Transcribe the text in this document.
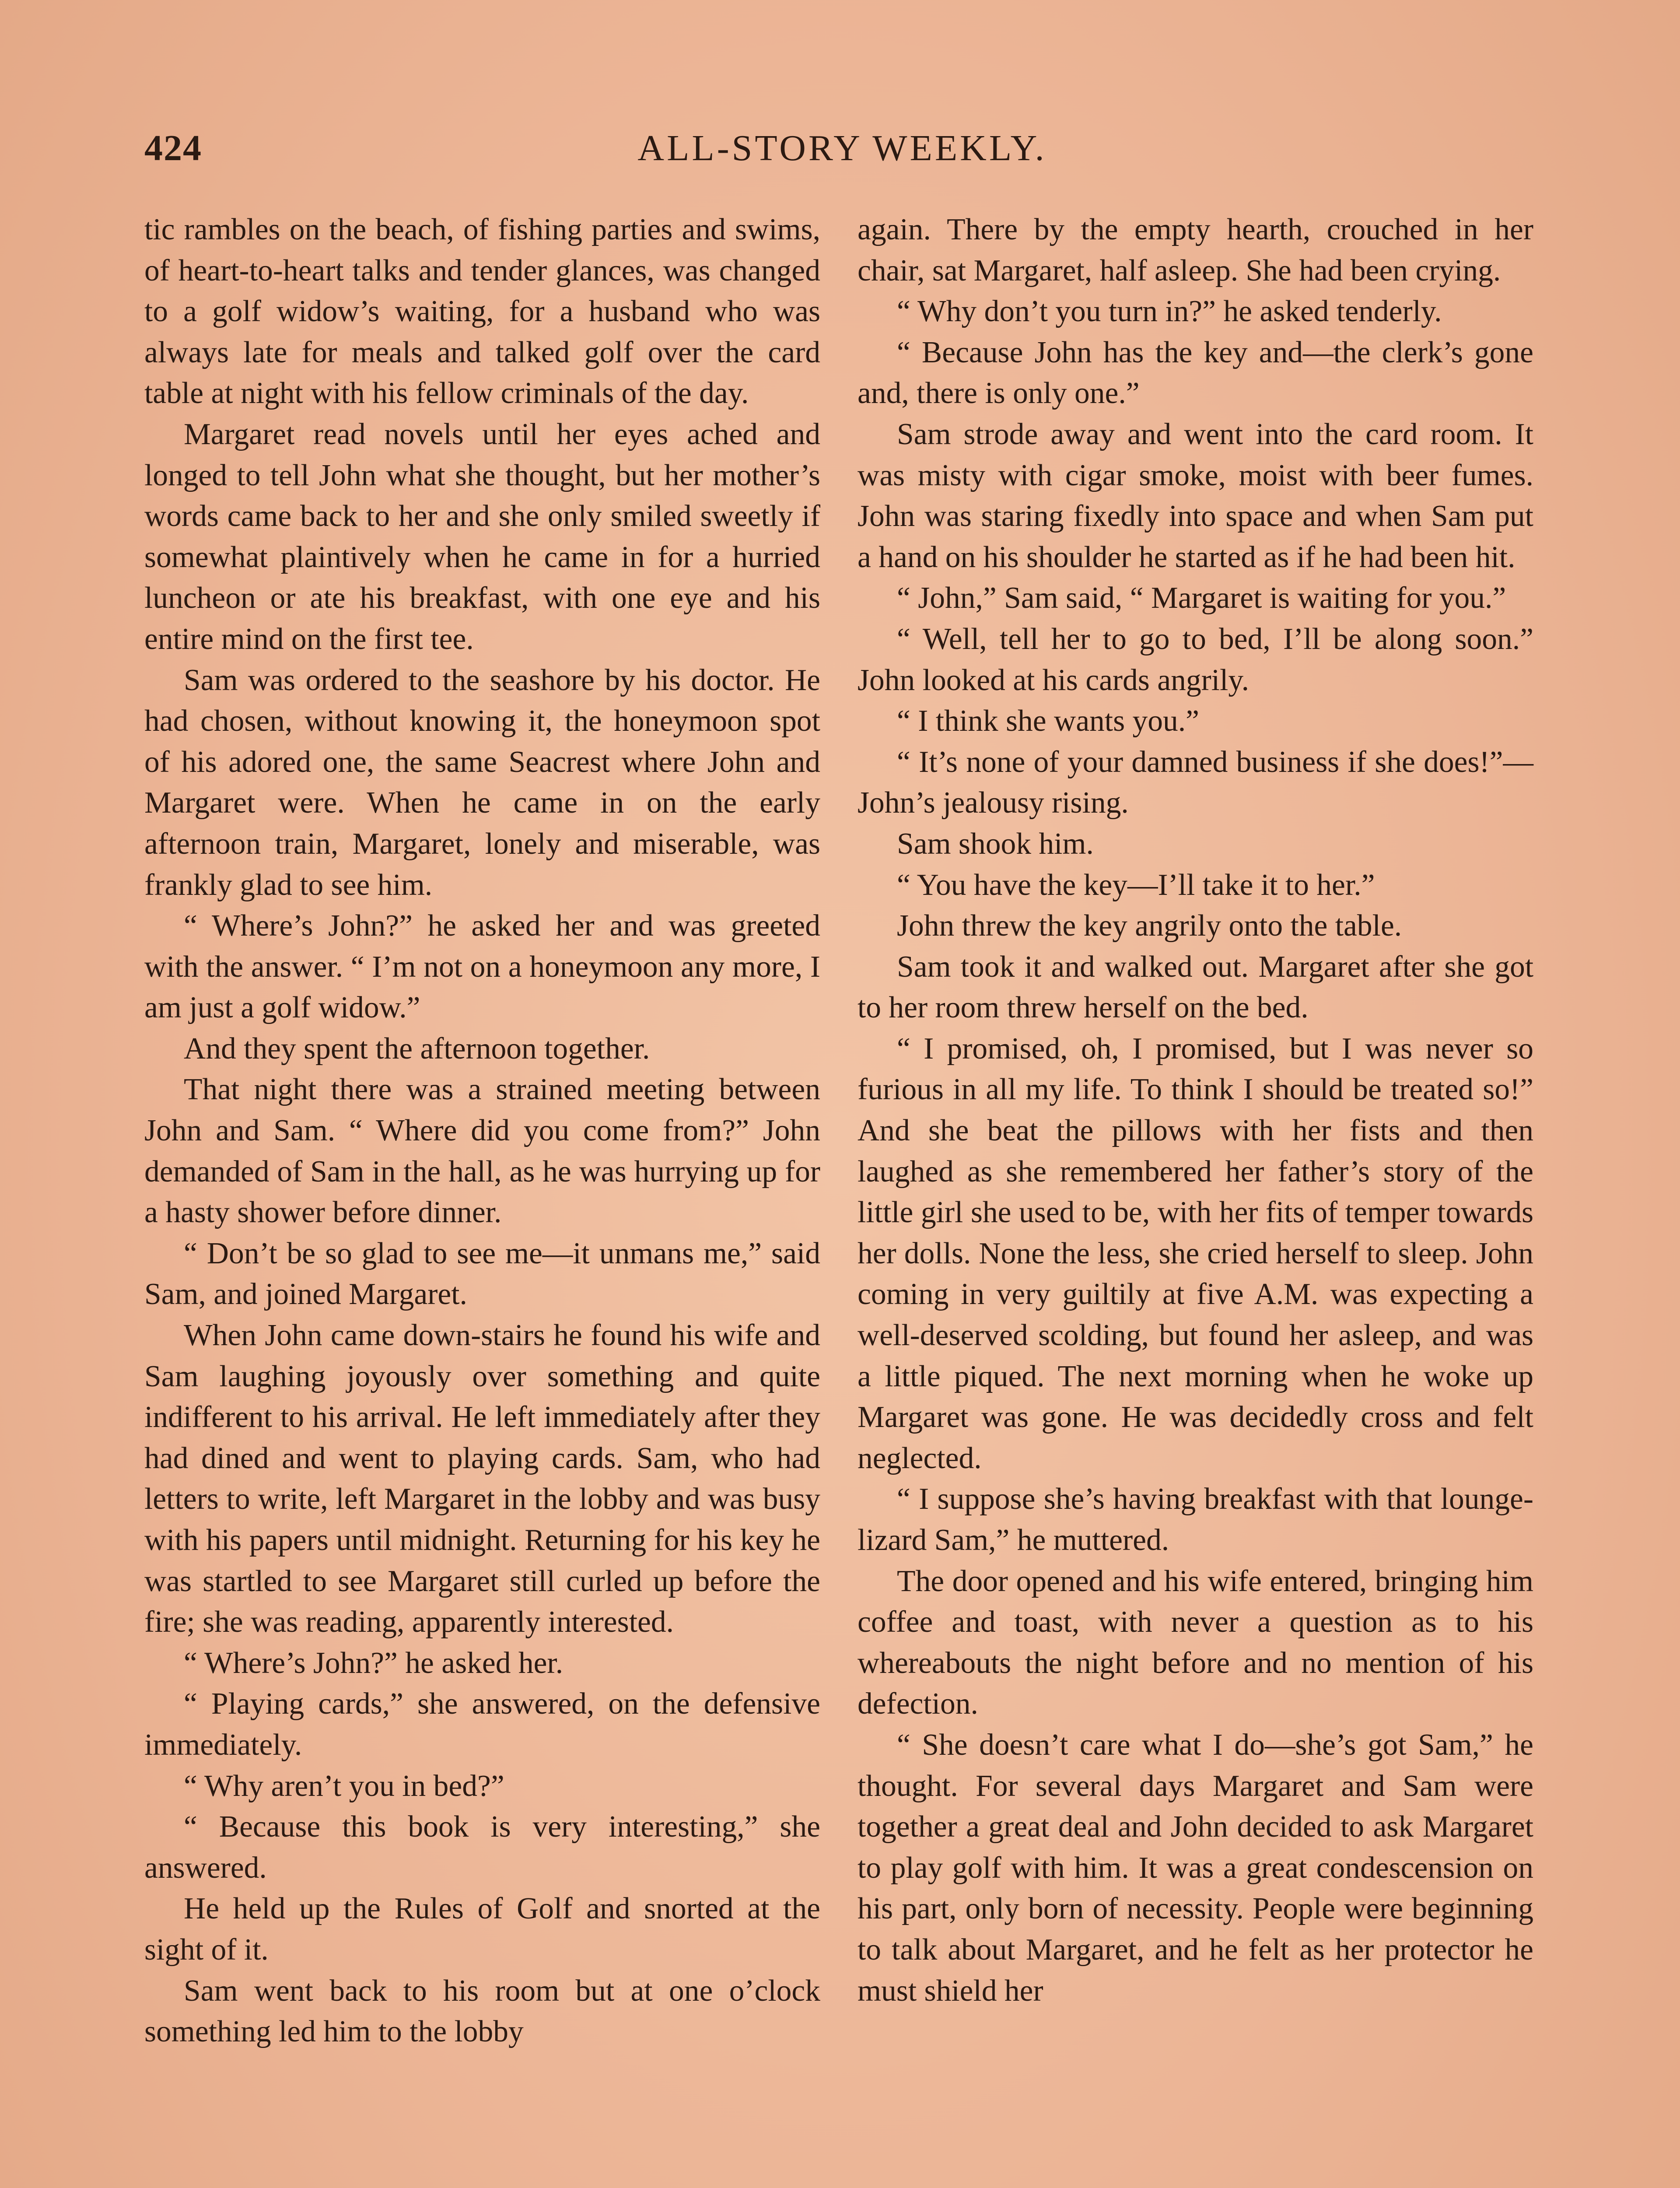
424	ALL-STORY WEEKLY.

tic rambles on the beach, of fishing parties and swims, of heart-to-heart talks and tender glances, was changed to a golf widow’s waiting, for a husband who was always late for meals and talked golf over the card table at night with his fellow criminals of the day.

Margaret read novels until her eyes ached and longed to tell John what she thought, but her mother’s words came back to her and she only smiled sweetly if somewhat plaintively when he came in for a hurried luncheon or ate his breakfast, with one eye and his entire mind on the first tee.

Sam was ordered to the seashore by his doctor. He had chosen, without knowing it, the honeymoon spot of his adored one, the same Seacrest where John and Margaret were. When he came in on the early afternoon train, Margaret, lonely and miserable, was frankly glad to see him.

“ Where’s John?” he asked her and was greeted with the answer. “ I’m not on a honeymoon any more, I am just a golf widow.”

And they spent the afternoon together.

That night there was a strained meeting between John and Sam. “ Where did you come from?” John demanded of Sam in the hall, as he was hurrying up for a hasty shower before dinner.

“ Don’t be so glad to see me—it unmans me,” said Sam, and joined Margaret.

When John came down-stairs he found his wife and Sam laughing joyously over something and quite indifferent to his arrival. He left immediately after they had dined and went to playing cards. Sam, who had letters to write, left Margaret in the lobby and was busy with his papers until midnight. Returning for his key he was startled to see Margaret still curled up before the fire; she was reading, apparently interested.

“ Where’s John?” he asked her.

“ Playing cards,” she answered, on the defensive immediately.

“ Why aren’t you in bed?”

“ Because this book is very interesting,” she answered.

He held up the Rules of Golf and snorted at the sight of it.

Sam went back to his room but at one o’clock something led him to the lobby

again. There by the empty hearth, crouched in her chair, sat Margaret, half asleep. She had been crying.

“ Why don’t you turn in?” he asked tenderly.

“ Because John has the key and—the clerk’s gone and, there is only one.”

Sam strode away and went into the card room. It was misty with cigar smoke, moist with beer fumes. John was staring fixedly into space and when Sam put a hand on his shoulder he started as if he had been hit.

“ John,” Sam said, “ Margaret is waiting for you.”

“ Well, tell her to go to bed, I’ll be along soon.” John looked at his cards angrily.

“ I think she wants you.”

“ It’s none of your damned business if she does!”—John’s jealousy rising.

Sam shook him.

“ You have the key—I’ll take it to her.”

John threw the key angrily onto the table.

Sam took it and walked out. Margaret after she got to her room threw herself on the bed.

“ I promised, oh, I promised, but I was never so furious in all my life. To think I should be treated so!” And she beat the pillows with her fists and then laughed as she remembered her father’s story of the little girl she used to be, with her fits of temper towards her dolls. None the less, she cried herself to sleep. John coming in very guiltily at five A.M. was expecting a well-deserved scolding, but found her asleep, and was a little piqued. The next morning when he woke up Margaret was gone. He was decidedly cross and felt neglected.

“ I suppose she’s having breakfast with that lounge-lizard Sam,” he muttered.

The door opened and his wife entered, bringing him coffee and toast, with never a question as to his whereabouts the night before and no mention of his defection.

“ She doesn’t care what I do—she’s got Sam,” he thought. For several days Margaret and Sam were together a great deal and John decided to ask Margaret to play golf with him. It was a great condescension on his part, only born of necessity. People were beginning to talk about Margaret, and he felt as her protector he must shield her
